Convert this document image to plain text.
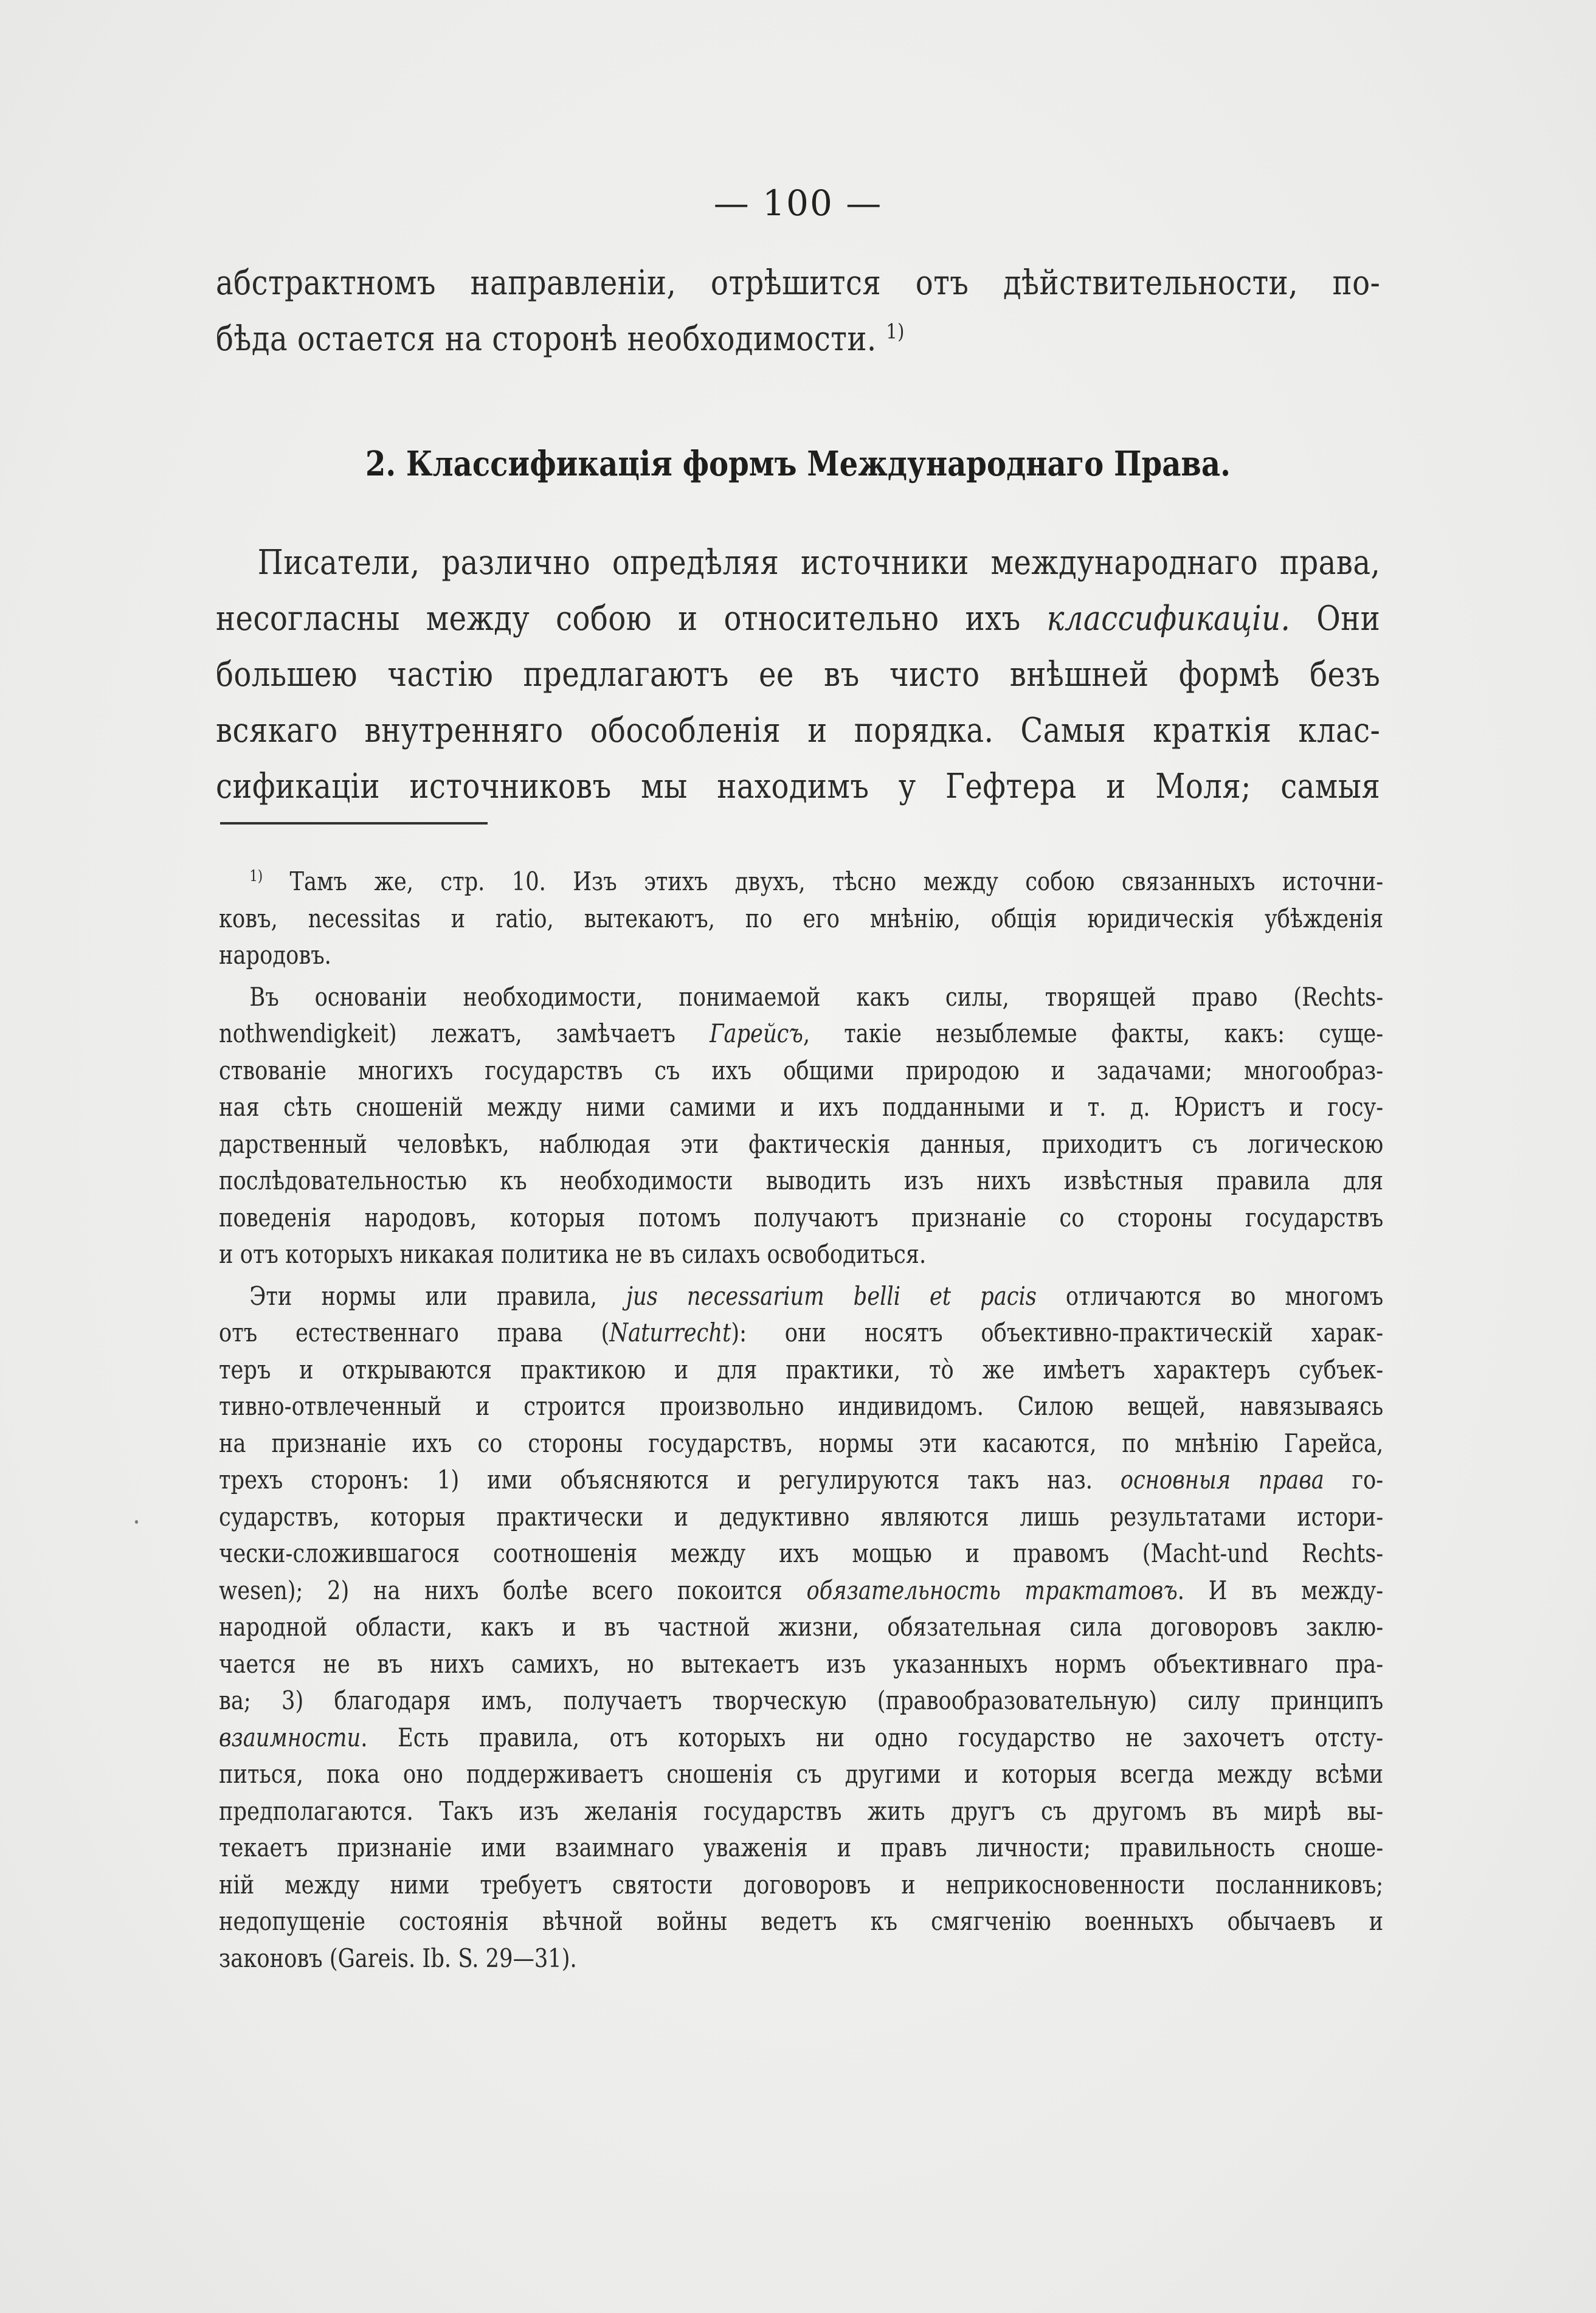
— 100 —
абстрактномъ направленіи, отрѣшится отъ дѣйствительности, по-
бѣда остается на сторонѣ необходимости. $^{1)}$
2. Классификація формъ Международнаго Права.
Писатели, различно опредѣляя источники международнаго права,
несогласны между собою и относительно ихъ классификаціи. Они
большею частію предлагаютъ ее въ чисто внѣшней формѣ безъ
всякаго внутренняго обособленія и порядка. Самыя краткія клас-
сификаціи источниковъ мы находимъ у Гефтера и Моля; самыя
$^{1)}$ Тамъ же, стр. 10. Изъ этихъ двухъ, тѣсно между собою связанныхъ источни-
ковъ, necessitas и ratio, вытекаютъ, по его мнѣнію, общія юридическія убѣжденія
народовъ.
Въ основаніи необходимости, понимаемой какъ силы, творящей право (Rechts-
nothwendigkeit) лежатъ, замѣчаетъ Гарейсъ, такіе незыблемые факты, какъ: суще-
ствованіе многихъ государствъ съ ихъ общими природою и задачами; многообраз-
ная сѣть сношеній между ними самими и ихъ подданными и т. д. Юристъ и госу-
дарственный человѣкъ, наблюдая эти фактическія данныя, приходитъ съ логическою
послѣдовательностью къ необходимости выводить изъ нихъ извѣстныя правила для
поведенія народовъ, которыя потомъ получаютъ признаніе со стороны государствъ
и отъ которыхъ никакая политика не въ силахъ освободиться.
Эти нормы или правила, jus necessarium belli et pacis отличаются во многомъ
отъ естественнаго права (Naturrecht): они носятъ объективно-практическій харак-
теръ и открываются практикою и для практики, тò же имѣетъ характеръ субъек-
тивно-отвлеченный и строится произвольно индивидомъ. Силою вещей, навязываясь
на признаніе ихъ со стороны государствъ, нормы эти касаются, по мнѣнію Гарейса,
трехъ сторонъ: 1) ими объясняются и регулируются такъ наз. основныя права го-
сударствъ, которыя практически и дедуктивно являются лишь результатами истори-
чески-сложившагося соотношенія между ихъ мощью и правомъ (Macht-und Rechts-
wesen); 2) на нихъ болѣе всего покоится обязательность трактатовъ. И въ между-
народной области, какъ и въ частной жизни, обязательная сила договоровъ заклю-
чается не въ нихъ самихъ, но вытекаетъ изъ указанныхъ нормъ объективнаго пра-
ва; 3) благодаря имъ, получаетъ творческую (правообразовательную) силу принципъ
взаимности. Есть правила, отъ которыхъ ни одно государство не захочетъ отсту-
питься, пока оно поддерживаетъ сношенія съ другими и которыя всегда между всѣми
предполагаются. Такъ изъ желанія государствъ жить другъ съ другомъ въ мирѣ вы-
текаетъ признаніе ими взаимнаго уваженія и правъ личности; правильность сноше-
ній между ними требуетъ святости договоровъ и неприкосновенности посланниковъ;
недопущеніе состоянія вѣчной войны ведетъ къ смягченію военныхъ обычаевъ и
законовъ (Gareis. Ib. S. 29—31).
